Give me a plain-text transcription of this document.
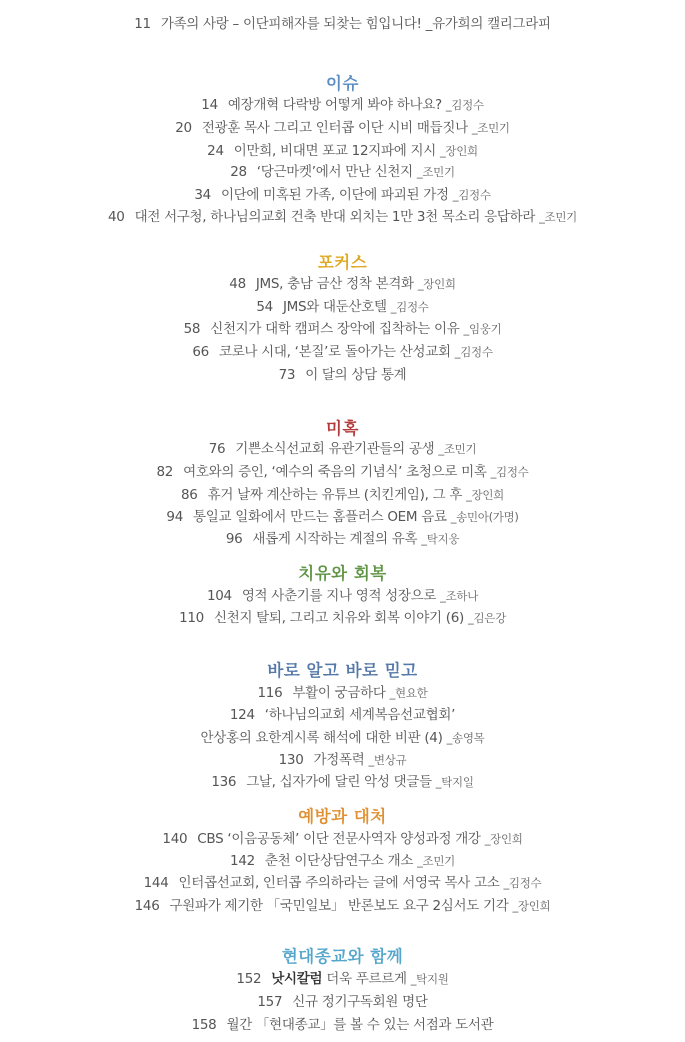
11 가족의 사랑 – 이단피해자를 되찾는 힘입니다! _유가희의 캘리그라피
이슈
14 예장개혁 다락방 어떻게 봐야 하나요? _김정수
20 전광훈 목사 그리고 인터콥 이단 시비 매듭짓나 _조민기
24 이만희, 비대면 포교 12지파에 지시 _장인희
28 ‘당근마켓’에서 만난 신천지 _조민기
34 이단에 미혹된 가족, 이단에 파괴된 가정 _김정수
40 대전 서구청, 하나님의교회 건축 반대 외치는 1만 3천 목소리 응답하라 _조민기
포커스
48 JMS, 충남 금산 정착 본격화 _장인희
54 JMS와 대둔산호텔 _김정수
58 신천지가 대학 캠퍼스 장악에 집착하는 이유 _임웅기
66 코로나 시대, ‘본질’로 돌아가는 산성교회 _김정수
73 이 달의 상담 통계
미혹
76 기쁜소식선교회 유관기관들의 공생 _조민기
82 여호와의 증인, ‘예수의 죽음의 기념식’ 초청으로 미혹 _김정수
86 휴거 날짜 계산하는 유튜브 (치킨게임), 그 후 _장인희
94 통일교 일화에서 만드는 홈플러스 OEM 음료 _송민아(가명)
96 새롭게 시작하는 계절의 유혹 _탁지웅
치유와 회복
104 영적 사춘기를 지나 영적 성장으로 _조하나
110 신천지 탈퇴, 그리고 치유와 회복 이야기 (6) _김은강
바로 알고 바로 믿고
116 부활이 궁금하다 _현요한
124 ‘하나님의교회 세계복음선교협회’
안상홍의 요한계시록 해석에 대한 비판 (4) _송영목
130 가정폭력 _변상규
136 그날, 십자가에 달린 악성 댓글들 _탁지일
예방과 대처
140 CBS ‘이음공동체’ 이단 전문사역자 양성과정 개강 _장인희
142 춘천 이단상담연구소 개소 _조민기
144 인터콥선교회, 인터콥 주의하라는 글에 서영국 목사 고소 _김정수
146 구원파가 제기한 「국민일보」 반론보도 요구 2심서도 기각 _장인희
현대종교와 함께
152 낫시칼럼 더욱 푸르르게 _탁지원
157 신규 정기구독회원 명단
158 월간 「현대종교」를 볼 수 있는 서점과 도서관
